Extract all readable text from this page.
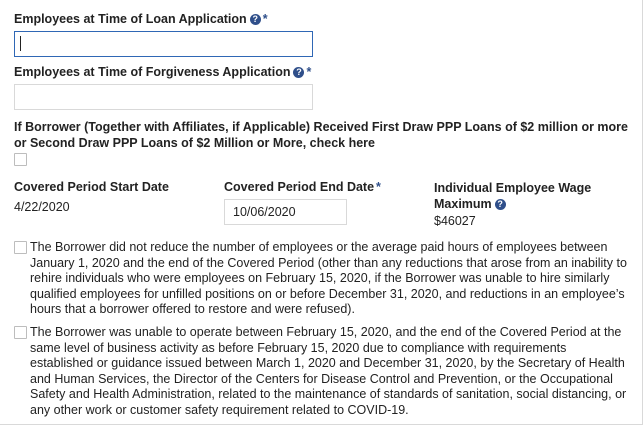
Employees at Time of Loan Application ? *
Employees at Time of Forgiveness Application ? *
If Borrower (Together with Affiliates, if Applicable) Received First Draw PPP Loans of $2 million or more or Second Draw PPP Loans of $2 Million or More, check here
Covered Period Start Date
4/22/2020
Covered Period End Date *
10/06/2020	Individual Employee Wage
Maximum ?
$46027

The Borrower did not reduce the number of employees or the average paid hours of employees between January 1, 2020 and the end of the Covered Period (other than any reductions that arose from an inability to rehire individuals who were employees on February 15, 2020, if the Borrower was unable to hire similarly qualified employees for unfilled positions on or before December 31, 2020, and reductions in an employee’s hours that a borrower offered to restore and were refused).

The Borrower was unable to operate between February 15, 2020, and the end of the Covered Period at the same level of business activity as before February 15, 2020 due to compliance with requirements established or guidance issued between March 1, 2020 and December 31, 2020, by the Secretary of Health and Human Services, the Director of the Centers for Disease Control and Prevention, or the Occupational Safety and Health Administration, related to the maintenance of standards of sanitation, social distancing, or any other work or customer safety requirement related to COVID-19.
